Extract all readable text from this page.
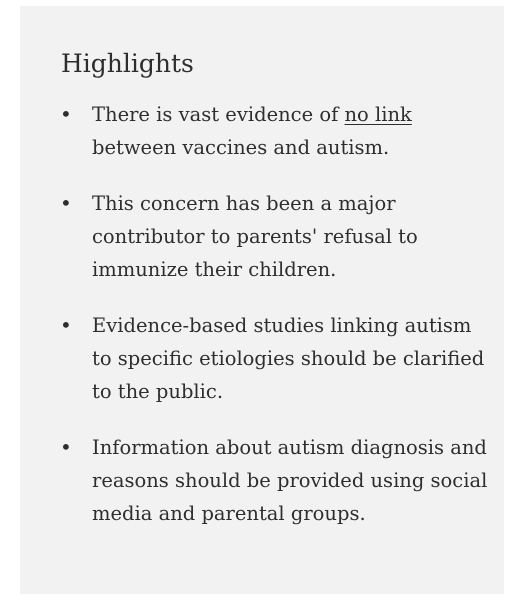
Highlights
• There is vast evidence of no link between vaccines and autism.
• This concern has been a major contributor to parents' refusal to immunize their children.
• Evidence-based studies linking autism to specific etiologies should be clarified to the public.
• Information about autism diagnosis and reasons should be provided using social media and parental groups.
